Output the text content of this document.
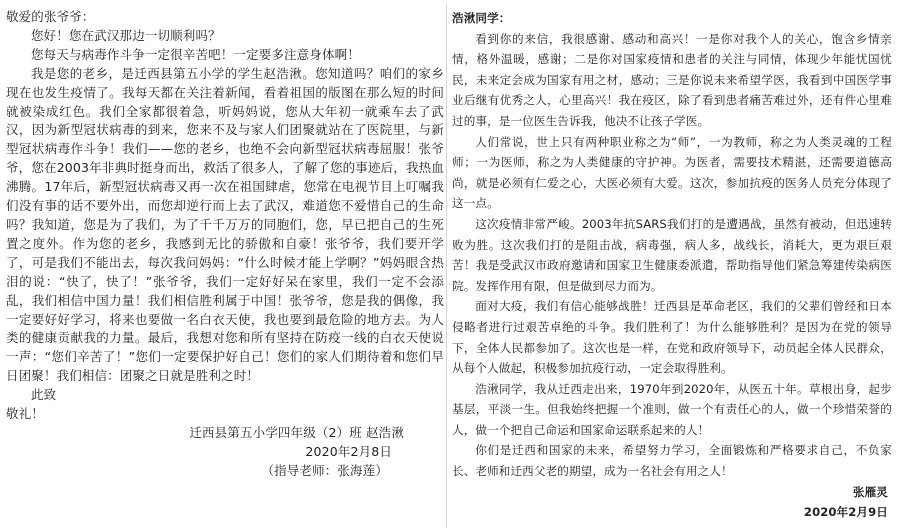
敬爱的张爷爷：

您好！您在武汉那边一切顺利吗？

您每天与病毒作斗争一定很辛苦吧！一定要多注意身体啊！

我是您的老乡，是迁西县第五小学的学生赵浩湫。您知道吗？咱们的家乡现在也发生疫情了。我每天都在关注着新闻，看着祖国的版图在那么短的时间就被染成红色。我们全家都很着急，听妈妈说，您从大年初一就乘车去了武汉，因为新型冠状病毒的到来，您来不及与家人们团聚就站在了医院里，与新型冠状病毒作斗争！我们——您的老乡，也绝不会向新型冠状病毒屈服！张爷爷，您在2003年非典时挺身而出，救活了很多人，了解了您的事迹后，我热血沸腾。17年后，新型冠状病毒又再一次在祖国肆虐，您常在电视节目上叮嘱我们没有事的话不要外出，而您却逆行而上去了武汉，难道您不爱惜自己的生命吗？我知道，您是为了我们，为了千千万万的同胞们，您，早已把自己的生死置之度外。作为您的老乡，我感到无比的骄傲和自豪！张爷爷，我们要开学了，可是我们不能出去，每次我问妈妈：“什么时候才能上学啊？”妈妈眼含热泪的说：“快了，快了！”张爷爷，我们一定好好呆在家里，我们一定不会添乱，我们相信中国力量！我们相信胜利属于中国！张爷爷，您是我的偶像，我一定要好好学习，将来也要做一名白衣天使，我也要到最危险的地方去。为人类的健康贡献我的力量。最后，我想对您和所有坚持在防疫一线的白衣天使说一声：“您们辛苦了！”您们一定要保护好自己！您们的家人们期待着和您们早日团聚！我们相信：团聚之日就是胜利之时！

此致

敬礼！

迁西县第五小学四年级（2）班 赵浩湫

2020年2月8日

（指导老师：张海莲）

浩湫同学：

看到你的来信，我很感谢、感动和高兴！一是你对我个人的关心，饱含乡情亲情，格外温暖，感谢；二是你对国家疫情和患者的关注与同情，体现少年能忧国忧民，未来定会成为国家有用之材，感动；三是你说未来希望学医，我看到中国医学事业后继有优秀之人，心里高兴！我在疫区，除了看到患者痛苦难过外，还有件心里难过的事，是一位医生告诉我，他决不让孩子学医。

人们常说，世上只有两种职业称之为“师”，一为教师，称之为人类灵魂的工程师；一为医师，称之为人类健康的守护神。为医者，需要技术精湛，还需要道德高尚，就是必须有仁爱之心，大医必须有大爱。这次，参加抗疫的医务人员充分体现了这一点。

这次疫情非常严峻。2003年抗SARS我们打的是遭遇战，虽然有被动，但迅速转败为胜。这次我们打的是阻击战，病毒强，病人多，战线长，消耗大，更为艰巨艰苦！我是受武汉市政府邀请和国家卫生健康委派遣，帮助指导他们紧急筹建传染病医院。发挥作用有限，但是做到尽力而为。

面对大疫，我们有信心能够战胜！迁西县是革命老区，我们的父辈们曾经和日本侵略者进行过艰苦卓绝的斗争。我们胜利了！为什么能够胜利？是因为在党的领导下，全体人民都参加了。这次也是一样，在党和政府领导下，动员起全体人民群众，从每个人做起，积极参加抗疫行动，一定会取得胜利。

浩湫同学，我从迁西走出来，1970年到2020年，从医五十年。草根出身，起步基层，平淡一生。但我始终把握一个准则，做一个有责任心的人，做一个珍惜荣誉的人，做一个把自己命运和国家命运联系起来的人！

你们是迁西和国家的未来，希望努力学习，全面锻炼和严格要求自己，不负家长、老师和迁西父老的期望，成为一名社会有用之人！

张雁灵

2020年2月9日
